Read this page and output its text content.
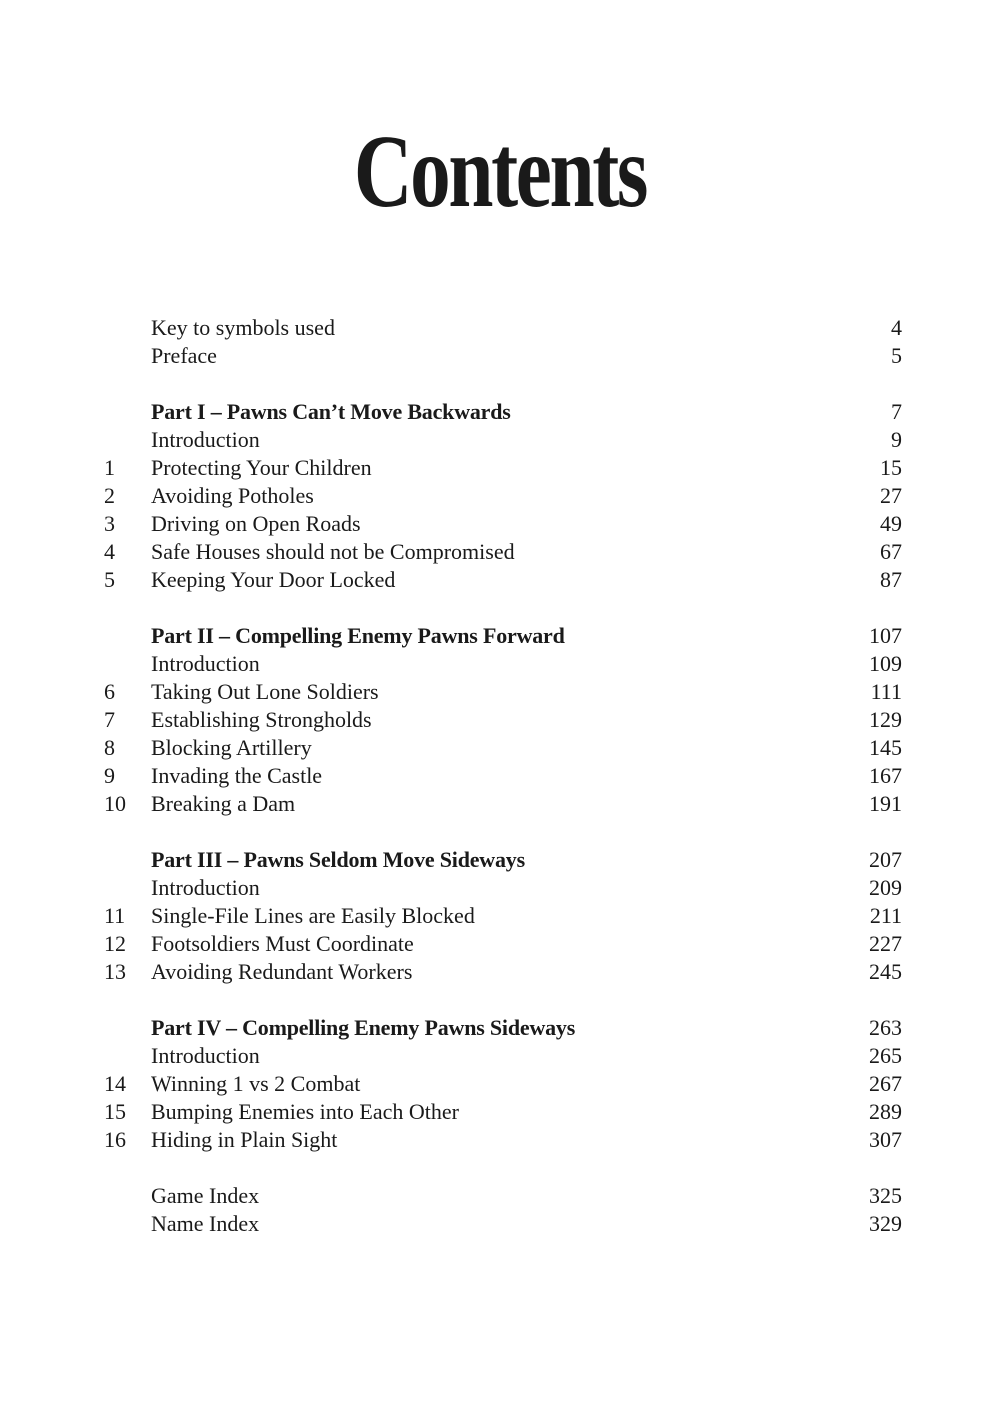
Contents
Key to symbols used	4
Preface	5
Part I – Pawns Can’t Move Backwards	7
Introduction	9
1 Protecting Your Children	15
2 Avoiding Potholes	27
3 Driving on Open Roads	49
4 Safe Houses should not be Compromised	67
5 Keeping Your Door Locked	87
Part II – Compelling Enemy Pawns Forward	107
Introduction	109
6 Taking Out Lone Soldiers	111
7 Establishing Strongholds	129
8 Blocking Artillery	145
9 Invading the Castle	167
10 Breaking a Dam	191
Part III – Pawns Seldom Move Sideways	207
Introduction	209
11 Single-File Lines are Easily Blocked	211
12 Footsoldiers Must Coordinate	227
13 Avoiding Redundant Workers	245
Part IV – Compelling Enemy Pawns Sideways	263
Introduction	265
14 Winning 1 vs 2 Combat	267
15 Bumping Enemies into Each Other	289
16 Hiding in Plain Sight	307
Game Index	325
Name Index	329
